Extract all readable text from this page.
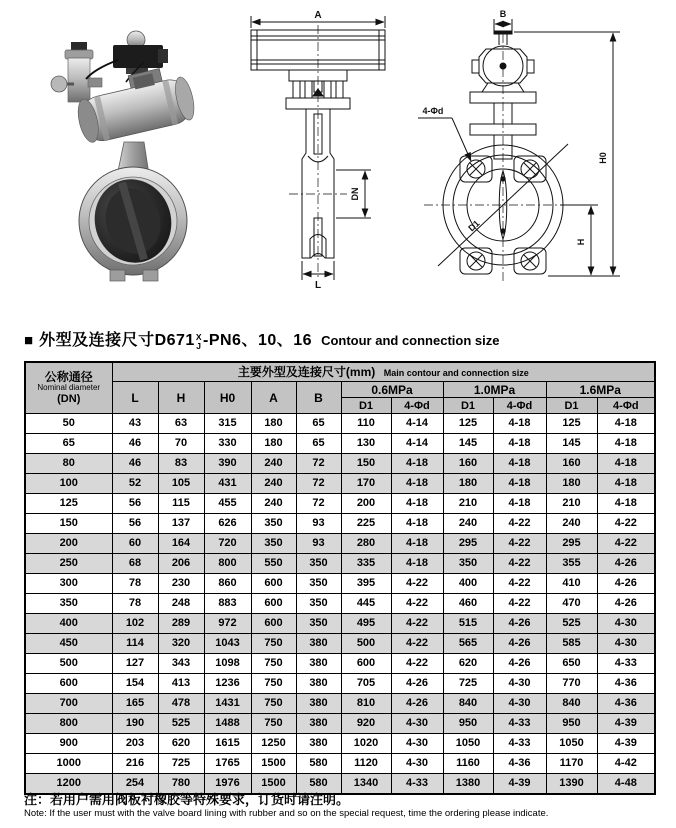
A
DN
L
B
4-Φd
D1
H
H0
■ 外型及连接尺寸D671 X
J -PN6、10、16 Contour and connection size
公称通径
Nominal diameter
(DN)	主要外型及连接尺寸(mm) Main contour and connection size										
	L	H	H0	A	B	0.6MPa		1.0MPa		1.6MPa	
						D1	4-Φd	D1	4-Φd	D1	4-Φd
50	43	63	315	180	65	110	4-14	125	4-18	125	4-18
65	46	70	330	180	65	130	4-14	145	4-18	145	4-18
80	46	83	390	240	72	150	4-18	160	4-18	160	4-18
100	52	105	431	240	72	170	4-18	180	4-18	180	4-18
125	56	115	455	240	72	200	4-18	210	4-18	210	4-18
150	56	137	626	350	93	225	4-18	240	4-22	240	4-22
200	60	164	720	350	93	280	4-18	295	4-22	295	4-22
250	68	206	800	550	350	335	4-18	350	4-22	355	4-26
300	78	230	860	600	350	395	4-22	400	4-22	410	4-26
350	78	248	883	600	350	445	4-22	460	4-22	470	4-26
400	102	289	972	600	350	495	4-22	515	4-26	525	4-30
450	114	320	1043	750	380	500	4-22	565	4-26	585	4-30
500	127	343	1098	750	380	600	4-22	620	4-26	650	4-33
600	154	413	1236	750	380	705	4-26	725	4-30	770	4-36
700	165	478	1431	750	380	810	4-26	840	4-30	840	4-36
800	190	525	1488	750	380	920	4-30	950	4-33	950	4-39
900	203	620	1615	1250	380	1020	4-30	1050	4-33	1050	4-39
1000	216	725	1765	1500	580	1120	4-30	1160	4-36	1170	4-42
1200	254	780	1976	1500	580	1340	4-33	1380	4-39	1390	4-48
注：若用户需用阀板衬橡胶等特殊要求，订货时请注明。
Note: If the user must with the valve board lining with rubber and so on the special request, time the ordering please indicate.
